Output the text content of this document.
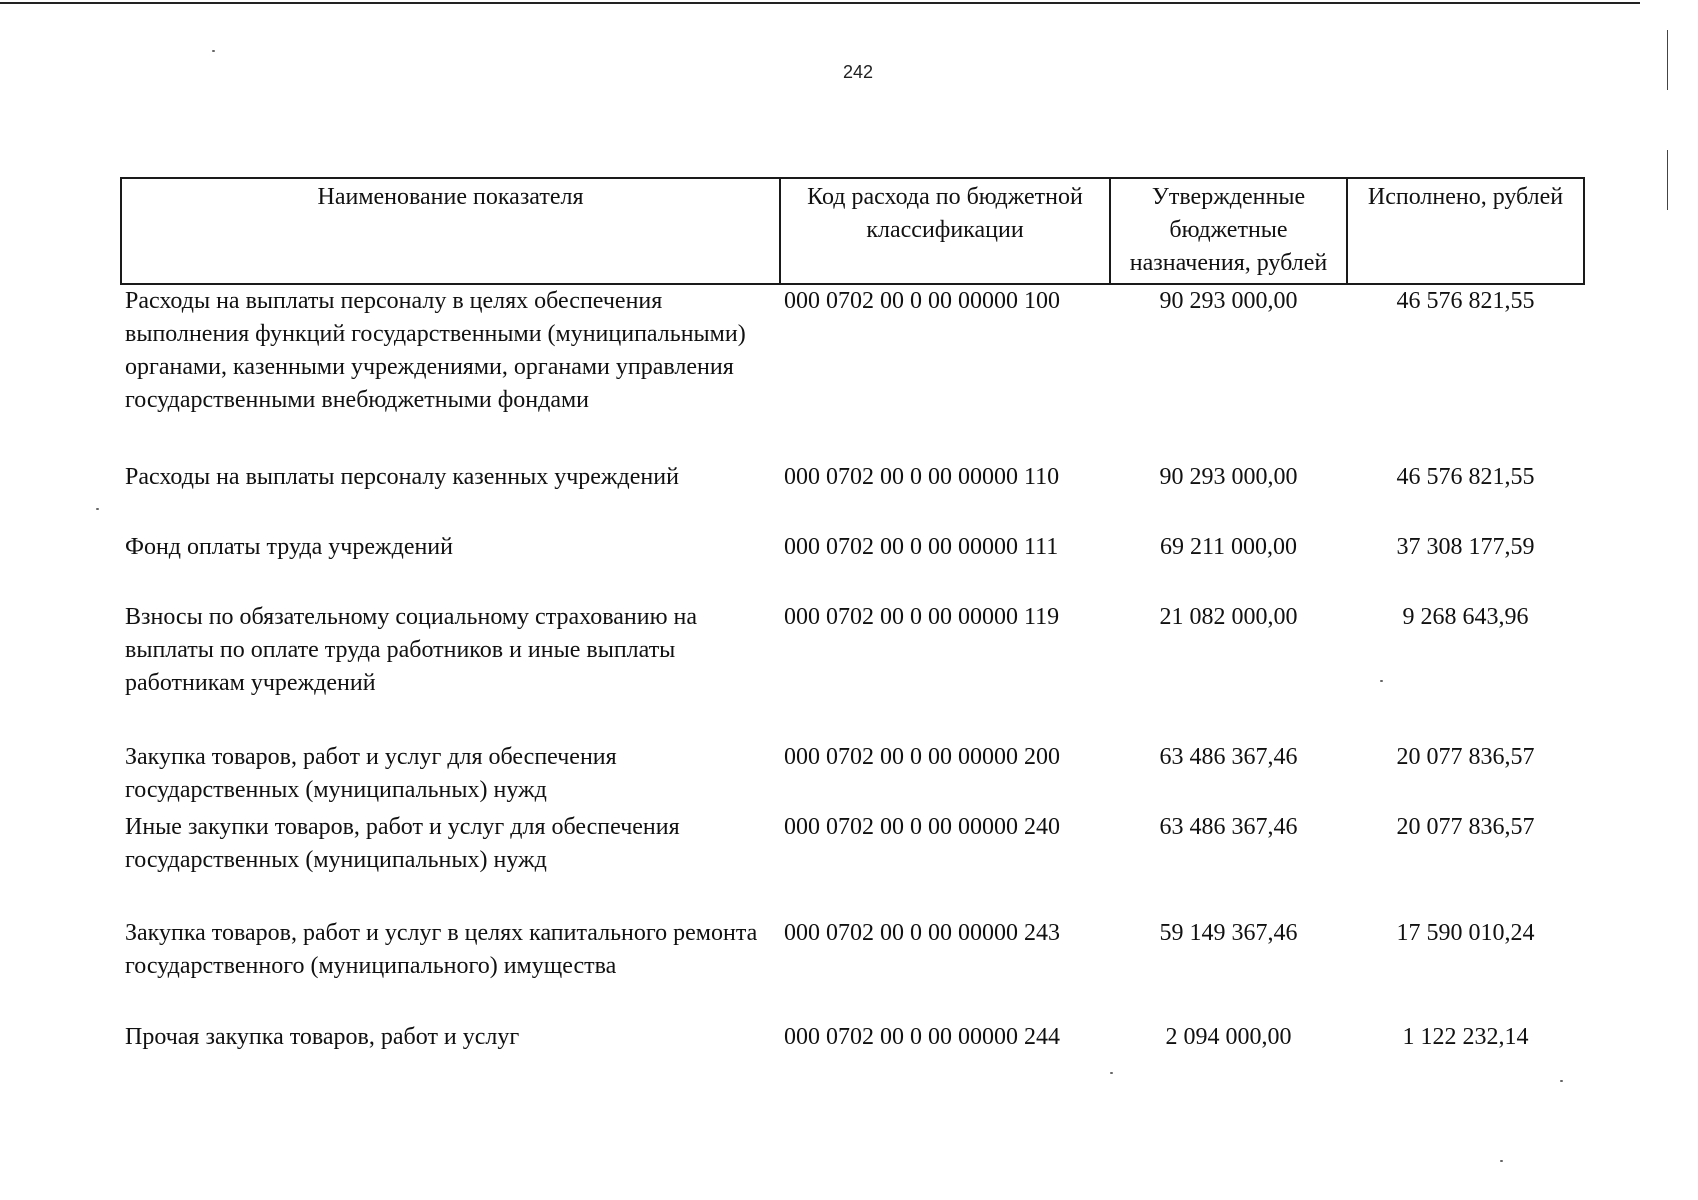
242
Наименование показателя	Код расхода по бюджетной классификации	Утвержденные бюджетные назначения, рублей	Исполнено, рублей
Расходы на выплаты персоналу в целях обеспечения выполнения функций государственными (муниципальными) органами, казенными учреждениями, органами управления государственными внебюджетными фондами	000 0702 00 0 00 00000 100	90 293 000,00	46 576 821,55
Расходы на выплаты персоналу казенных учреждений	000 0702 00 0 00 00000 110	90 293 000,00	46 576 821,55
Фонд оплаты труда учреждений	000 0702 00 0 00 00000 111	69 211 000,00	37 308 177,59
Взносы по обязательному социальному страхованию на выплаты по оплате труда работников и иные выплаты работникам учреждений	000 0702 00 0 00 00000 119	21 082 000,00	9 268 643,96
Закупка товаров, работ и услуг для обеспечения государственных (муниципальных) нужд	000 0702 00 0 00 00000 200	63 486 367,46	20 077 836,57
Иные закупки товаров, работ и услуг для обеспечения государственных (муниципальных) нужд	000 0702 00 0 00 00000 240	63 486 367,46	20 077 836,57
Закупка товаров, работ и услуг в целях капитального ремонта государственного (муниципального) имущества	000 0702 00 0 00 00000 243	59 149 367,46	17 590 010,24
Прочая закупка товаров, работ и услуг	000 0702 00 0 00 00000 244	2 094 000,00	1 122 232,14
